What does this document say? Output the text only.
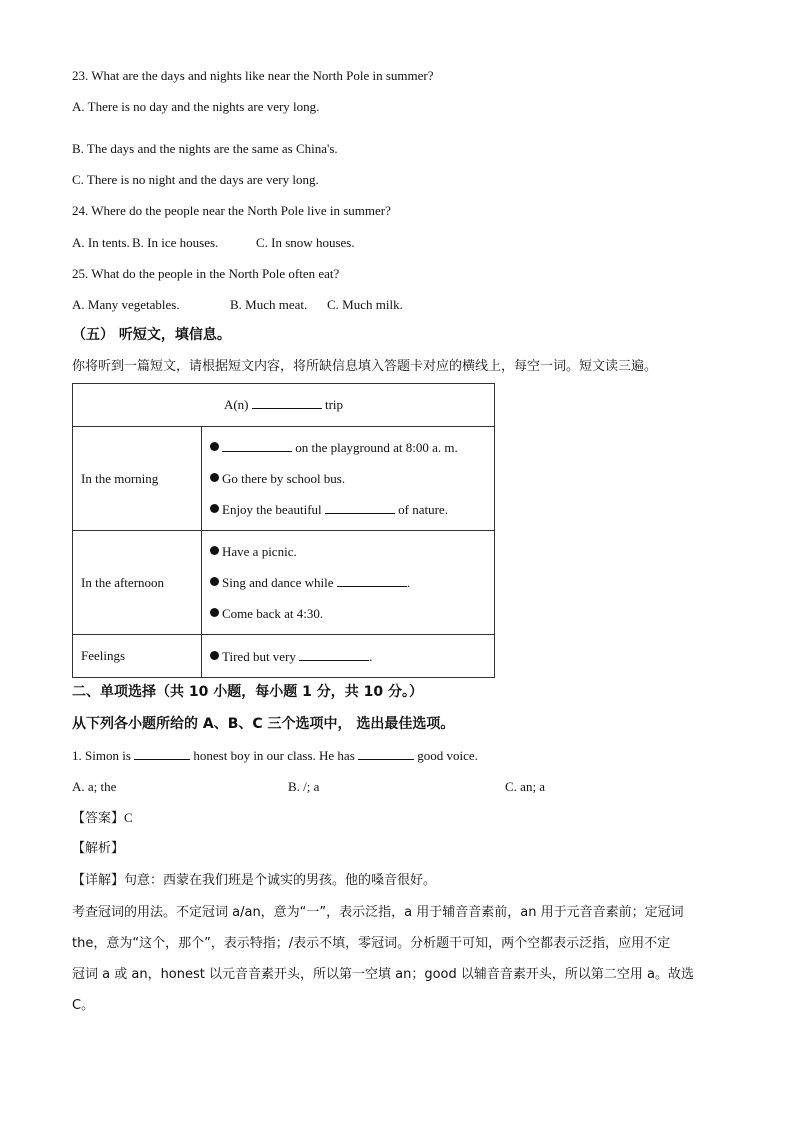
23. What are the days and nights like near the North Pole in summer?
A. There is no day and the nights are very long.
B. The days and the nights are the same as China's.
C. There is no night and the days are very long.
24. Where do the people near the North Pole live in summer?
A. In tents. B. In ice houses.	C. In snow houses.
25. What do the people in the North Pole often eat?
A. Many vegetables.	B. Much meat. C. Much milk.
（五） 听短文，填信息。
你将听到一篇短文，请根据短文内容，将所缺信息填入答题卡对应的横线上，每空一词。短文读三遍。
A(n) trip	
In the morning	on the playground at 8:00 a. m.
Go there by school bus.
Enjoy the beautiful of nature.

In the afternoon	Have a picnic.
Sing and dance while .
Come back at 4:30.

Feelings	Tired but very .
二、单项选择（共 10 小题，每小题 1 分，共 10 分。）
从下列各小题所给的 A、B、C 三个选项中， 选出最佳选项。
1. Simon is	honest boy in our class. He has	good voice.
A. a; the	B. /; a	C. an; a
【答案】C
【解析】
【详解】句意：西蒙在我们班是个诚实的男孩。他的嗓音很好。
考查冠词的用法。不定冠词 a/an，意为“一”，表示泛指，a 用于辅音音素前，an 用于元音音素前；定冠词
the，意为“这个，那个”，表示特指；/表示不填，零冠词。分析题干可知，两个空都表示泛指，应用不定
冠词 a 或 an，honest 以元音音素开头，所以第一空填 an；good 以辅音音素开头，所以第二空用 a。故选
C。
